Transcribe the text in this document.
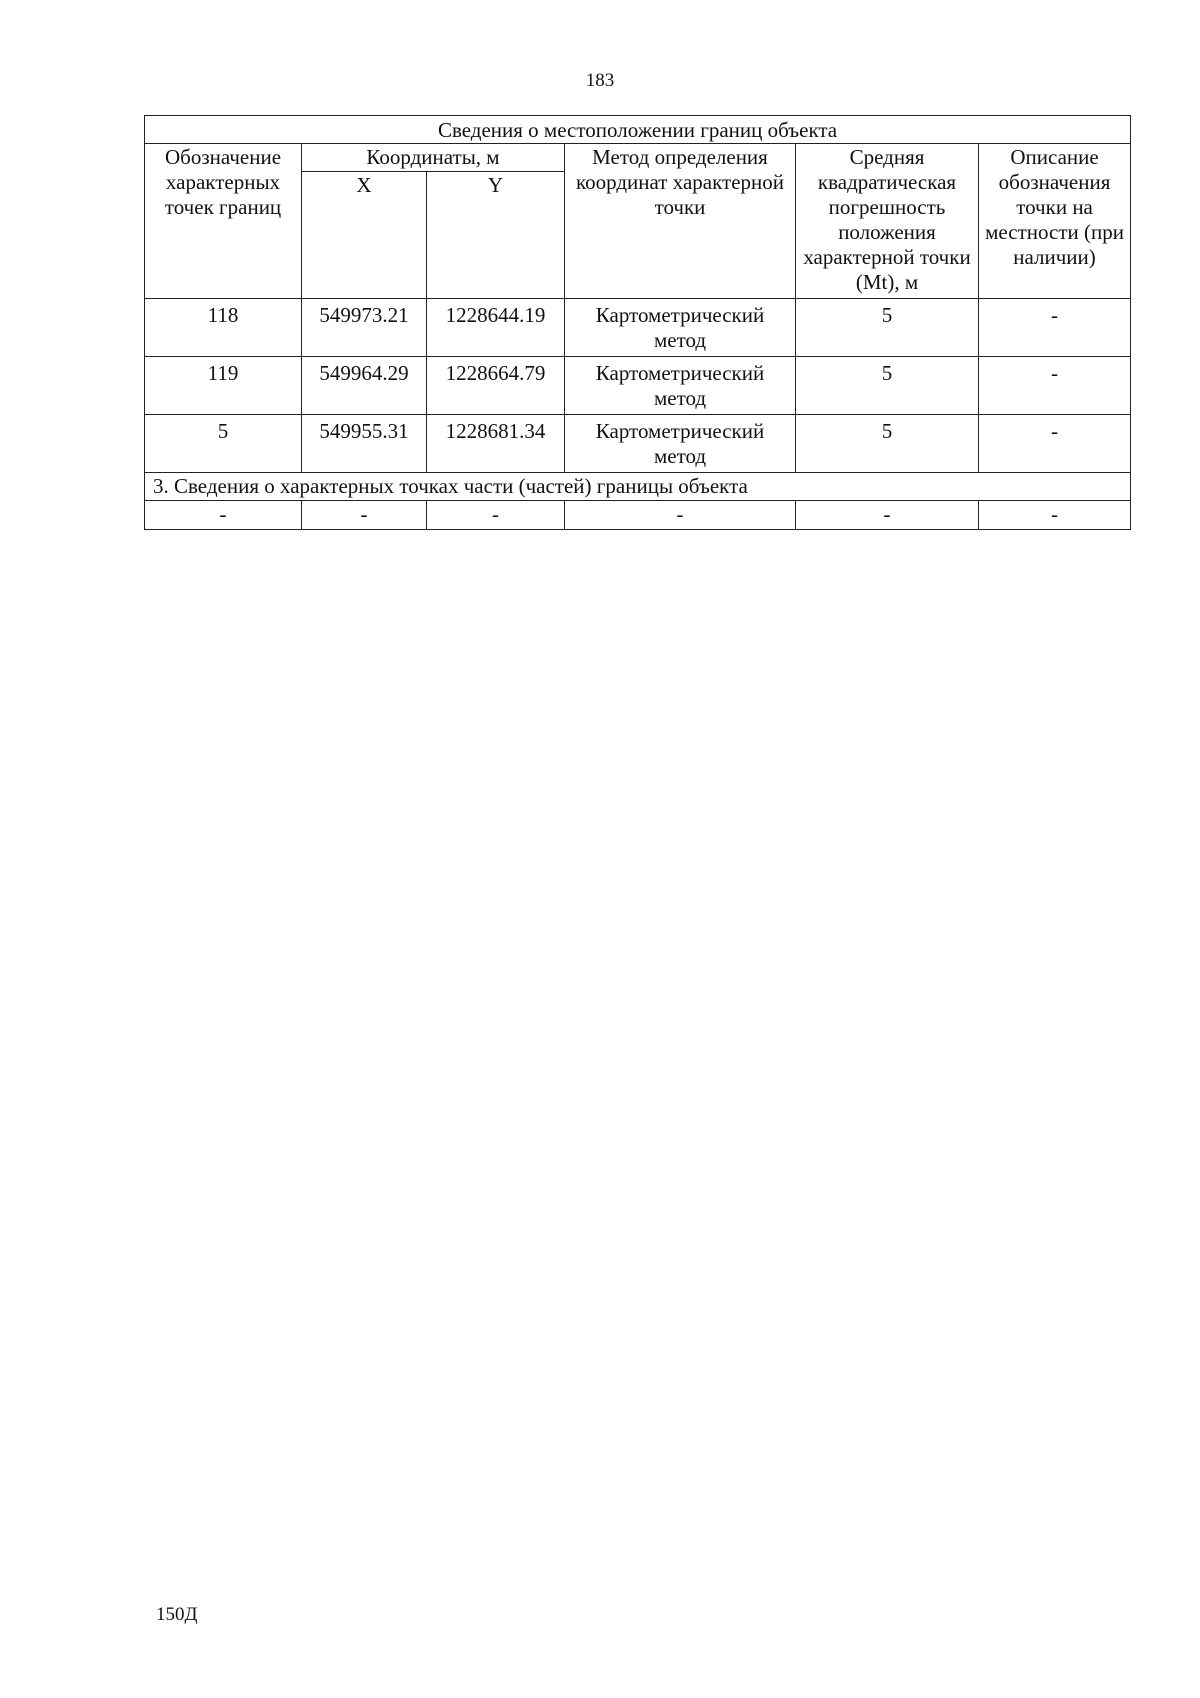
183
Сведения о местоположении границ объекта					
Обозначение характерных точек границ	Координаты, м		Метод определения координат характерной точки	Средняя квадратическая погрешность положения характерной точки (Mt), м	Описание обозначения точки на местности (при наличии)
	X	Y			
118	549973.21	1228644.19	Картометрический метод	5	-
119	549964.29	1228664.79	Картометрический метод	5	-
5	549955.31	1228681.34	Картометрический метод	5	-
3. Сведения о характерных точках части (частей) границы объекта					
-	-	-	-	-	-
150Д
